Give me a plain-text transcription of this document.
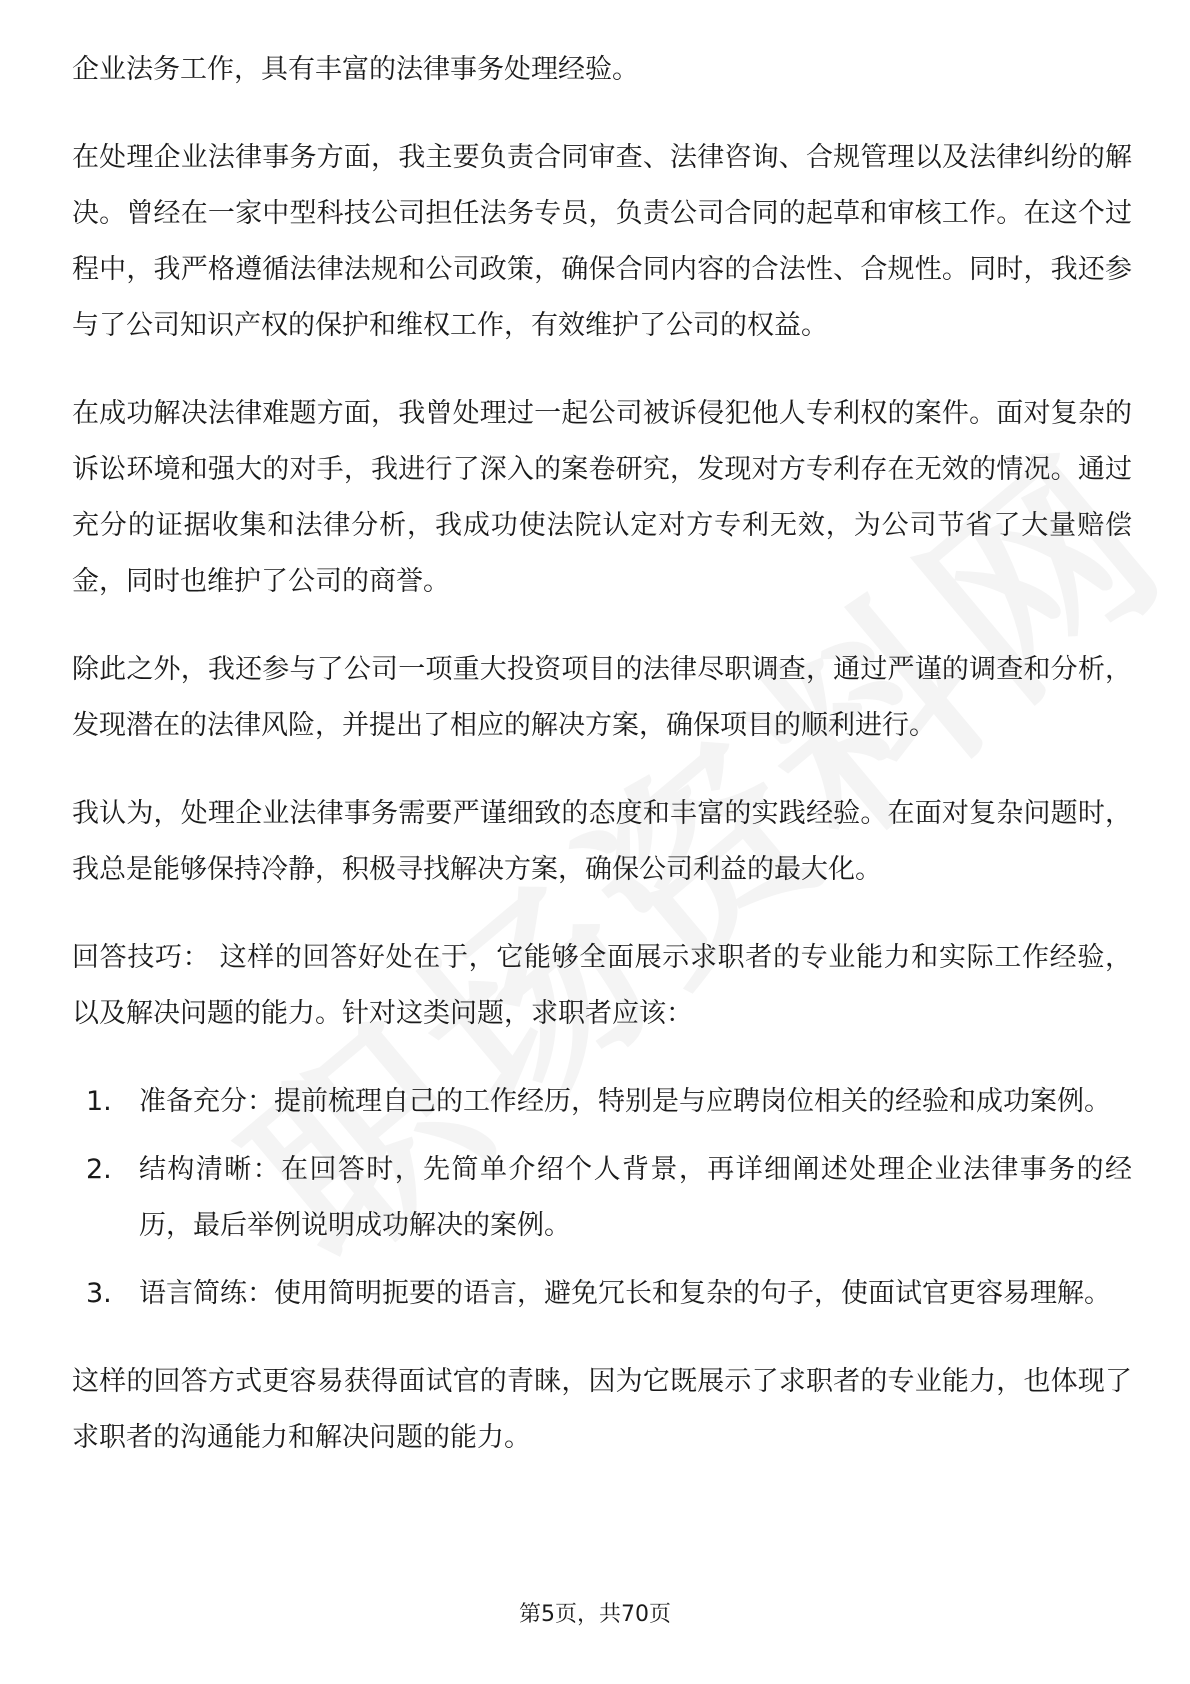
企业法务工作，具有丰富的法律事务处理经验。

在处理企业法律事务方面，我主要负责合同审查、法律咨询、合规管理以及法律纠纷的解决。曾经在一家中型科技公司担任法务专员，负责公司合同的起草和审核工作。在这个过程中，我严格遵循法律法规和公司政策，确保合同内容的合法性、合规性。同时，我还参与了公司知识产权的保护和维权工作，有效维护了公司的权益。

在成功解决法律难题方面，我曾处理过一起公司被诉侵犯他人专利权的案件。面对复杂的诉讼环境和强大的对手，我进行了深入的案卷研究，发现对方专利存在无效的情况。通过充分的证据收集和法律分析，我成功使法院认定对方专利无效，为公司节省了大量赔偿金，同时也维护了公司的商誉。

除此之外，我还参与了公司一项重大投资项目的法律尽职调查，通过严谨的调查和分析，发现潜在的法律风险，并提出了相应的解决方案，确保项目的顺利进行。

我认为，处理企业法律事务需要严谨细致的态度和丰富的实践经验。在面对复杂问题时，我总是能够保持冷静，积极寻找解决方案，确保公司利益的最大化。

回答技巧： 这样的回答好处在于，它能够全面展示求职者的专业能力和实际工作经验，以及解决问题的能力。针对这类问题，求职者应该：

1. 准备充分：提前梳理自己的工作经历，特别是与应聘岗位相关的经验和成功案例。
2. 结构清晰：在回答时，先简单介绍个人背景，再详细阐述处理企业法律事务的经历，最后举例说明成功解决的案例。
3. 语言简练：使用简明扼要的语言，避免冗长和复杂的句子，使面试官更容易理解。

这样的回答方式更容易获得面试官的青睐，因为它既展示了求职者的专业能力，也体现了求职者的沟通能力和解决问题的能力。

第5页，共70页
